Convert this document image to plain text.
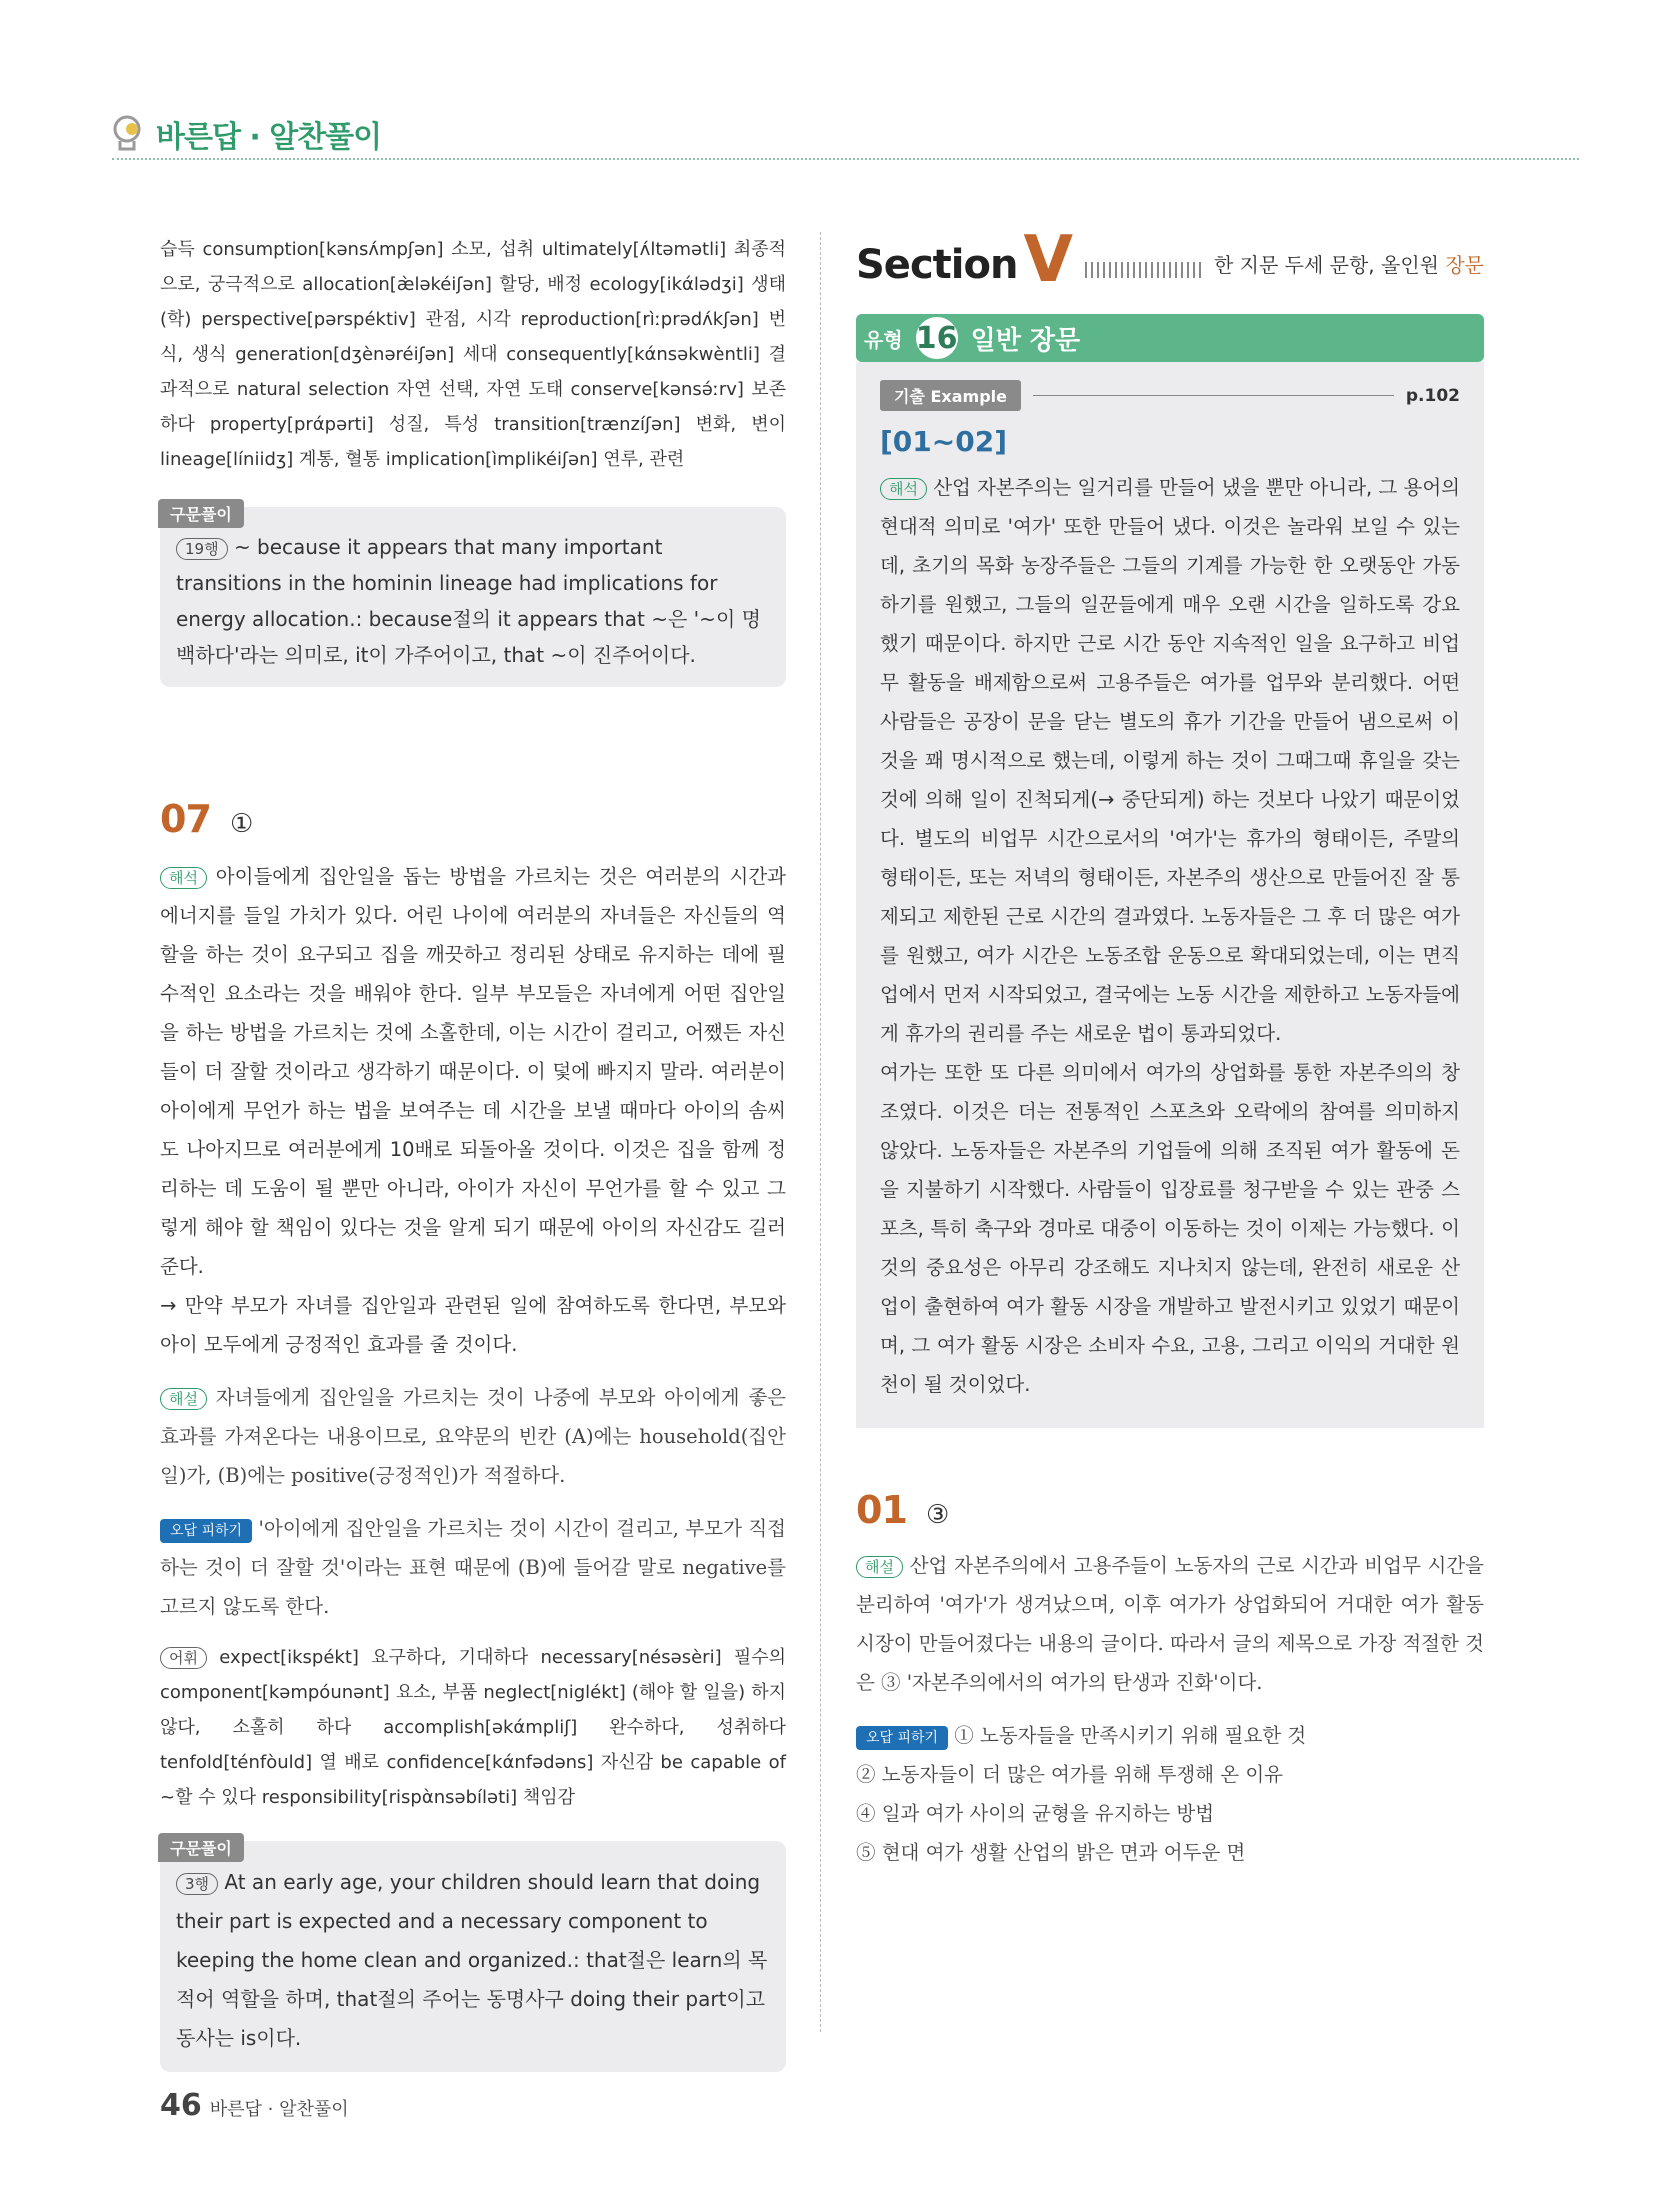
바른답 · 알찬풀이
습득 consumption[kənsʌ́mpʃən] 소모, 섭취 ultimately[ʌ́ltəmətli] 최종적으로, 궁극적으로 allocation[æ̀ləkéiʃən] 할당, 배정 ecology[ikάlədʒi] 생태(학) perspective[pərspéktiv] 관점, 시각 reproduction[rìːprədʌ́kʃən] 번식, 생식 generation[dʒènəréiʃən] 세대 consequently[kάnsəkwèntli] 결과적으로 natural selection 자연 선택, 자연 도태 conserve[kənsə́ːrv] 보존하다 property[prάpərti] 성질, 특성 transition[trænzíʃən] 변화, 변이 lineage[líniidʒ] 계통, 혈통 implication[ìmplikéiʃən] 연루, 관련
구문풀이
19행 ~ because it appears that many important transitions in the hominin lineage had implications for energy allocation.: because절의 it appears that ~은 '~이 명백하다'라는 의미로, it이 가주어이고, that ~이 진주어이다.
07 ①
해석 아이들에게 집안일을 돕는 방법을 가르치는 것은 여러분의 시간과 에너지를 들일 가치가 있다. 어린 나이에 여러분의 자녀들은 자신들의 역할을 하는 것이 요구되고 집을 깨끗하고 정리된 상태로 유지하는 데에 필수적인 요소라는 것을 배워야 한다. 일부 부모들은 자녀에게 어떤 집안일을 하는 방법을 가르치는 것에 소홀한데, 이는 시간이 걸리고, 어쨌든 자신들이 더 잘할 것이라고 생각하기 때문이다. 이 덫에 빠지지 말라. 여러분이 아이에게 무언가 하는 법을 보여주는 데 시간을 보낼 때마다 아이의 솜씨도 나아지므로 여러분에게 10배로 되돌아올 것이다. 이것은 집을 함께 정리하는 데 도움이 될 뿐만 아니라, 아이가 자신이 무언가를 할 수 있고 그렇게 해야 할 책임이 있다는 것을 알게 되기 때문에 아이의 자신감도 길러준다.
→ 만약 부모가 자녀를 집안일과 관련된 일에 참여하도록 한다면, 부모와 아이 모두에게 긍정적인 효과를 줄 것이다.
해설 자녀들에게 집안일을 가르치는 것이 나중에 부모와 아이에게 좋은 효과를 가져온다는 내용이므로, 요약문의 빈칸 (A)에는 household(집안일)가, (B)에는 positive(긍정적인)가 적절하다.
오답 피하기 '아이에게 집안일을 가르치는 것이 시간이 걸리고, 부모가 직접 하는 것이 더 잘할 것'이라는 표현 때문에 (B)에 들어갈 말로 negative를 고르지 않도록 한다.
어휘 expect[ikspékt] 요구하다, 기대하다 necessary[nésəsèri] 필수의 component[kəmpóunənt] 요소, 부품 neglect[niglékt] (해야 할 일을) 하지 않다, 소홀히 하다 accomplish[əkάmpliʃ] 완수하다, 성취하다 tenfold[ténfòuld] 열 배로 confidence[kάnfədəns] 자신감 be capable of ~할 수 있다 responsibility[rispὰnsəbíləti] 책임감
구문풀이
3행 At an early age, your children should learn that doing their part is expected and a necessary component to keeping the home clean and organized.: that절은 learn의 목적어 역할을 하며, that절의 주어는 동명사구 doing their part이고 동사는 is이다.
Section V	한 지문 두세 문항, 올인원 장문
유형 16 일반 장문
기출 Example	p.102
[01~02]
해석 산업 자본주의는 일거리를 만들어 냈을 뿐만 아니라, 그 용어의 현대적 의미로 '여가' 또한 만들어 냈다. 이것은 놀라워 보일 수 있는데, 초기의 목화 농장주들은 그들의 기계를 가능한 한 오랫동안 가동하기를 원했고, 그들의 일꾼들에게 매우 오랜 시간을 일하도록 강요했기 때문이다. 하지만 근로 시간 동안 지속적인 일을 요구하고 비업무 활동을 배제함으로써 고용주들은 여가를 업무와 분리했다. 어떤 사람들은 공장이 문을 닫는 별도의 휴가 기간을 만들어 냄으로써 이것을 꽤 명시적으로 했는데, 이렇게 하는 것이 그때그때 휴일을 갖는 것에 의해 일이 진척되게(→ 중단되게) 하는 것보다 나았기 때문이었다. 별도의 비업무 시간으로서의 '여가'는 휴가의 형태이든, 주말의 형태이든, 또는 저녁의 형태이든, 자본주의 생산으로 만들어진 잘 통제되고 제한된 근로 시간의 결과였다. 노동자들은 그 후 더 많은 여가를 원했고, 여가 시간은 노동조합 운동으로 확대되었는데, 이는 면직업에서 먼저 시작되었고, 결국에는 노동 시간을 제한하고 노동자들에게 휴가의 권리를 주는 새로운 법이 통과되었다.
여가는 또한 또 다른 의미에서 여가의 상업화를 통한 자본주의의 창조였다. 이것은 더는 전통적인 스포츠와 오락에의 참여를 의미하지 않았다. 노동자들은 자본주의 기업들에 의해 조직된 여가 활동에 돈을 지불하기 시작했다. 사람들이 입장료를 청구받을 수 있는 관중 스포츠, 특히 축구와 경마로 대중이 이동하는 것이 이제는 가능했다. 이것의 중요성은 아무리 강조해도 지나치지 않는데, 완전히 새로운 산업이 출현하여 여가 활동 시장을 개발하고 발전시키고 있었기 때문이며, 그 여가 활동 시장은 소비자 수요, 고용, 그리고 이익의 거대한 원천이 될 것이었다.
01 ③
해설 산업 자본주의에서 고용주들이 노동자의 근로 시간과 비업무 시간을 분리하여 '여가'가 생겨났으며, 이후 여가가 상업화되어 거대한 여가 활동 시장이 만들어졌다는 내용의 글이다. 따라서 글의 제목으로 가장 적절한 것은 ③ '자본주의에서의 여가의 탄생과 진화'이다.
오답 피하기 ① 노동자들을 만족시키기 위해 필요한 것
② 노동자들이 더 많은 여가를 위해 투쟁해 온 이유
④ 일과 여가 사이의 균형을 유지하는 방법
⑤ 현대 여가 생활 산업의 밝은 면과 어두운 면
46 바른답 · 알찬풀이
